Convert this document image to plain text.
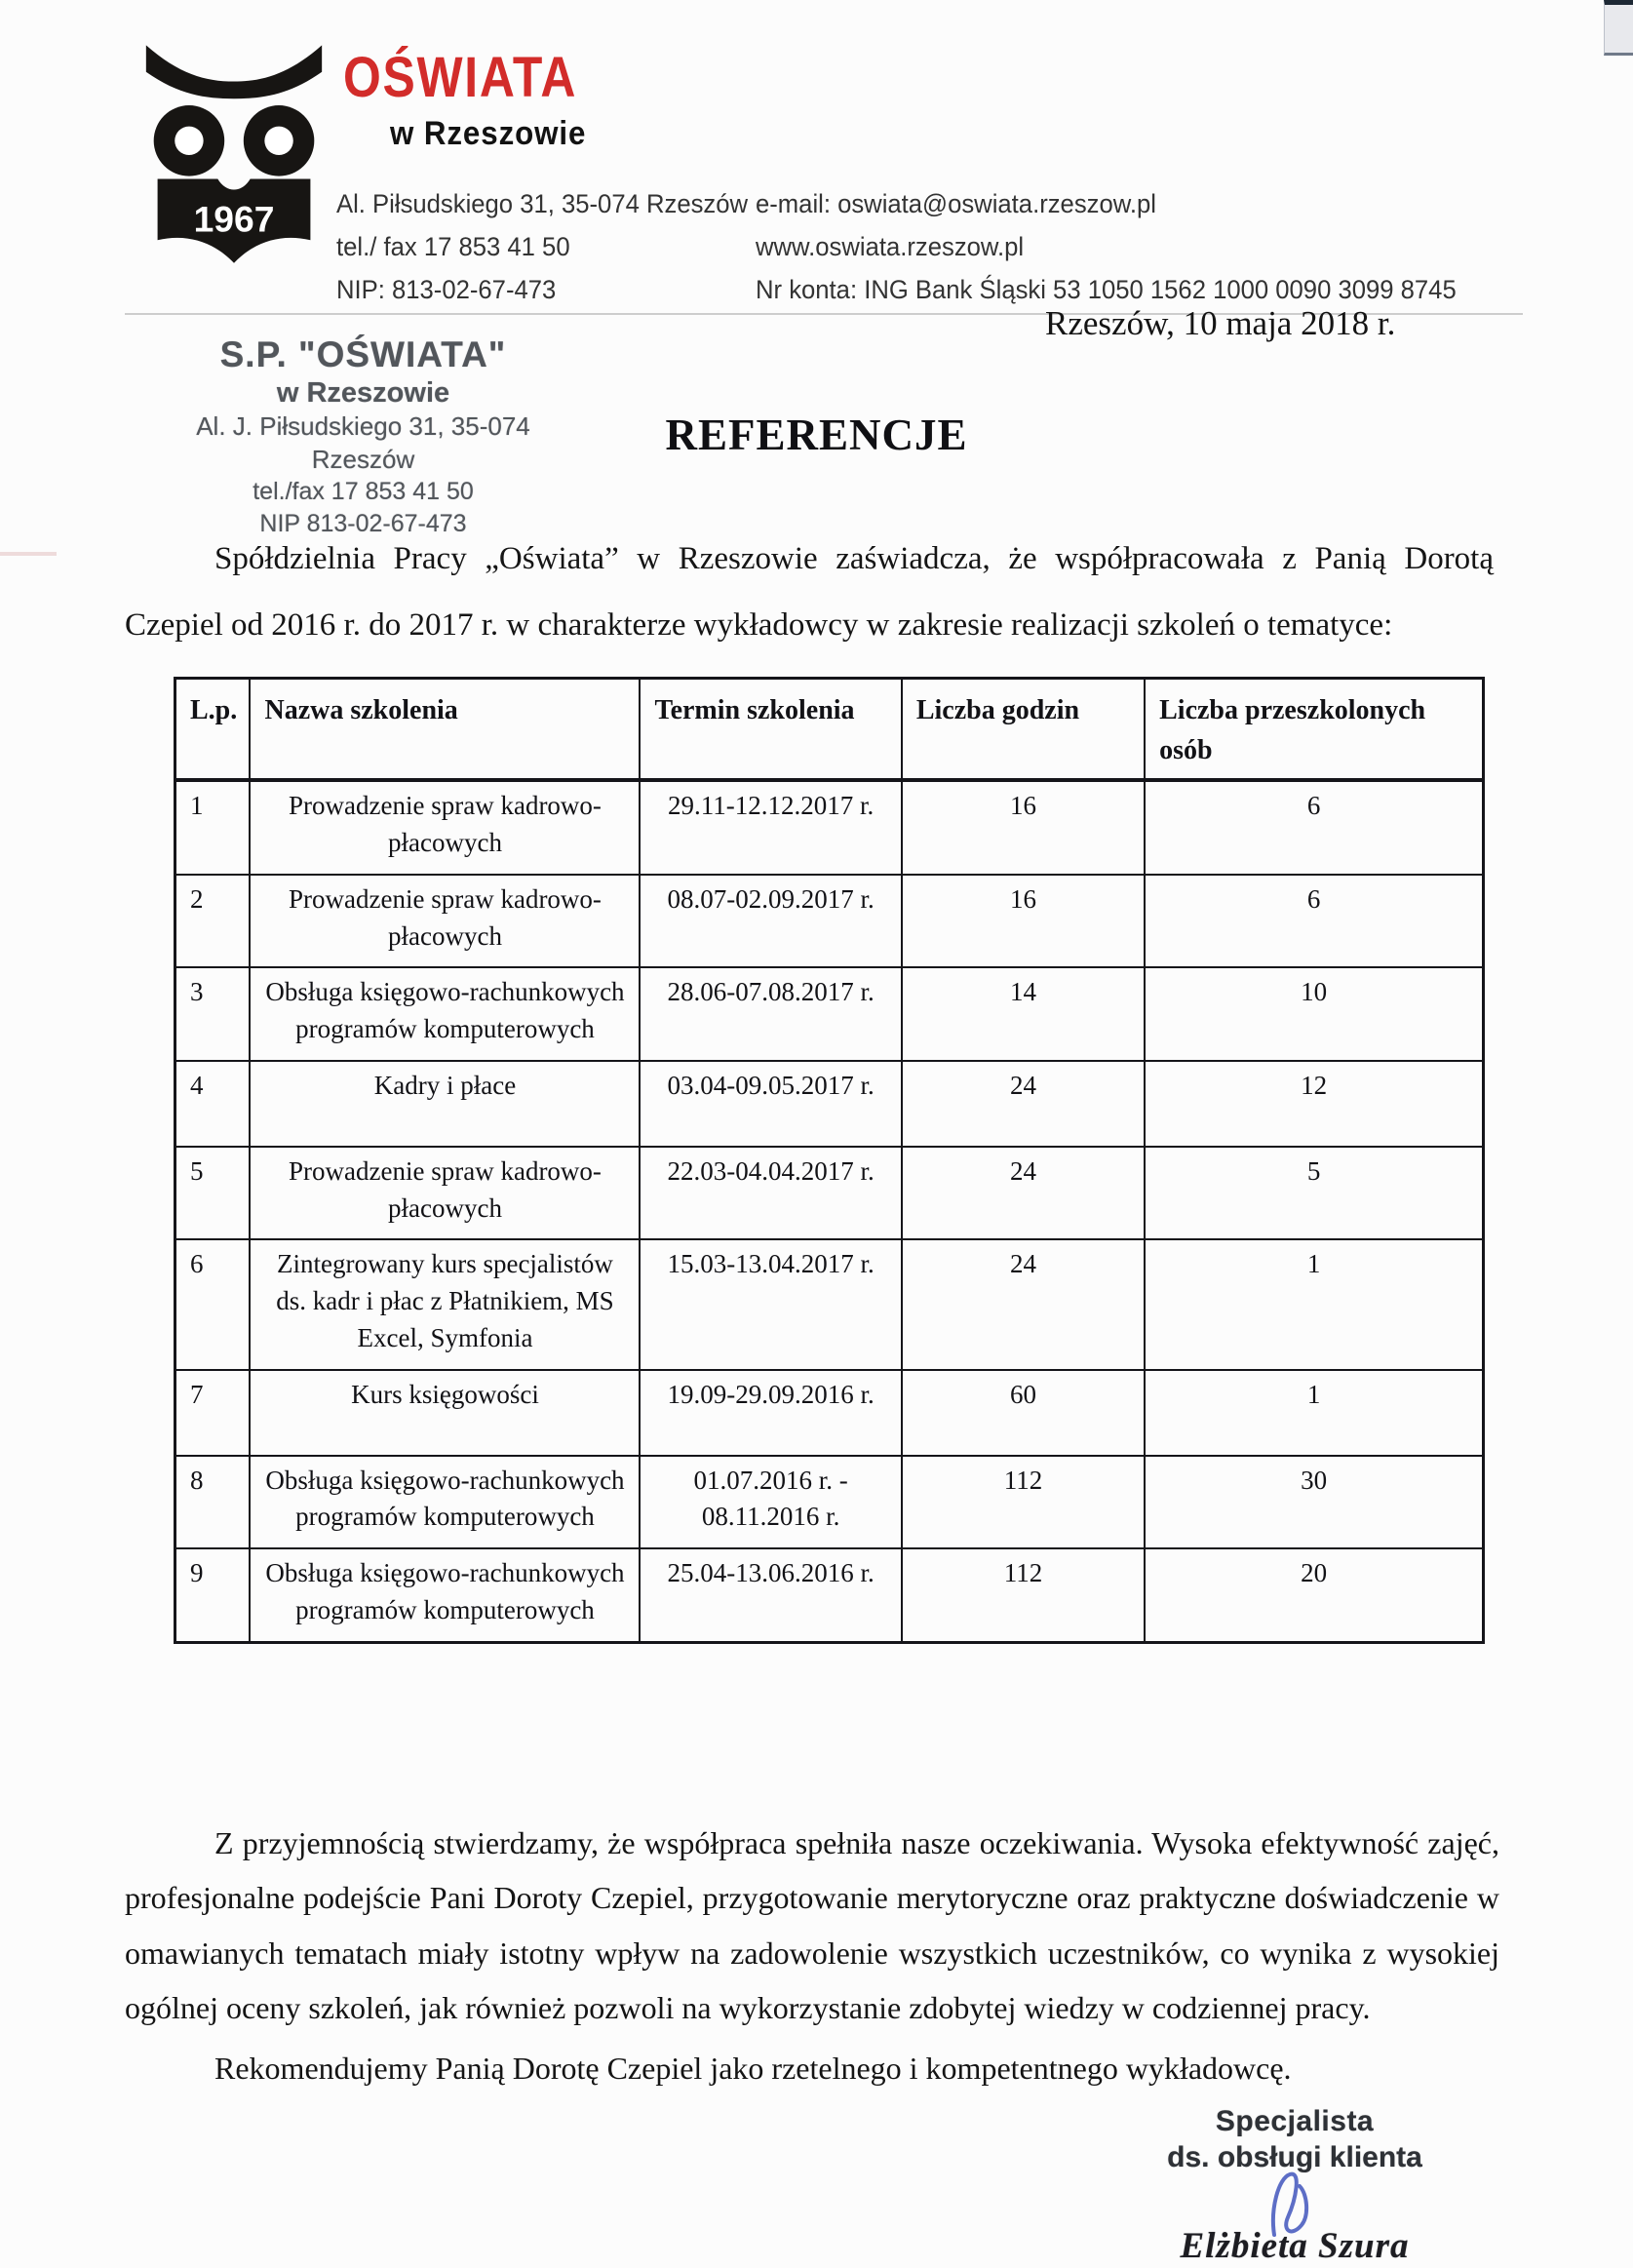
1967
OŚWIATA
w Rzeszowie
Al. Piłsudskiego 31, 35-074 Rzeszów
tel./ fax 17 853 41 50
NIP: 813-02-67-473
e-mail: oswiata@oswiata.rzeszow.pl
www.oswiata.rzeszow.pl
Nr konta: ING Bank Śląski 53 1050 1562 1000 0090 3099 8745
Rzeszów, 10 maja 2018 r.
S.P. "OŚWIATA"
w Rzeszowie
Al. J. Piłsudskiego 31, 35-074 Rzeszów
tel./fax 17 853 41 50
NIP 813-02-67-473
REFERENCJE
Spółdzielnia Pracy „Oświata” w Rzeszowie zaświadcza, że współpracowała z Panią Dorotą Czepiel od 2016 r. do 2017 r. w charakterze wykładowcy w zakresie realizacji szkoleń o tematyce:
L.p.	Nazwa szkolenia	Termin szkolenia	Liczba godzin	Liczba przeszkolonych osób
1	Prowadzenie spraw kadrowo-płacowych	29.11-12.12.2017 r.	16	6
2	Prowadzenie spraw kadrowo-płacowych	08.07-02.09.2017 r.	16	6
3	Obsługa księgowo-rachunkowych programów komputerowych	28.06-07.08.2017 r.	14	10
4	Kadry i płace	03.04-09.05.2017 r.	24	12
5	Prowadzenie spraw kadrowo-płacowych	22.03-04.04.2017 r.	24	5
6	Zintegrowany kurs specjalistów ds. kadr i płac z Płatnikiem, MS Excel, Symfonia	15.03-13.04.2017 r.	24	1
7	Kurs księgowości	19.09-29.09.2016 r.	60	1
8	Obsługa księgowo-rachunkowych programów komputerowych	01.07.2016 r. - 08.11.2016 r.	112	30
9	Obsługa księgowo-rachunkowych programów komputerowych	25.04-13.06.2016 r.	112	20

Z przyjemnością stwierdzamy, że współpraca spełniła nasze oczekiwania. Wysoka efektywność zajęć, profesjonalne podejście Pani Doroty Czepiel, przygotowanie merytoryczne oraz praktyczne doświadczenie w omawianych tematach miały istotny wpływ na zadowolenie wszystkich uczestników, co wynika z wysokiej ogólnej oceny szkoleń, jak również pozwoli na wykorzystanie zdobytej wiedzy w codziennej pracy.

Rekomendujemy Panią Dorotę Czepiel jako rzetelnego i kompetentnego wykładowcę.

Specjalista
ds. obsługi klienta
Elżbieta Szura
